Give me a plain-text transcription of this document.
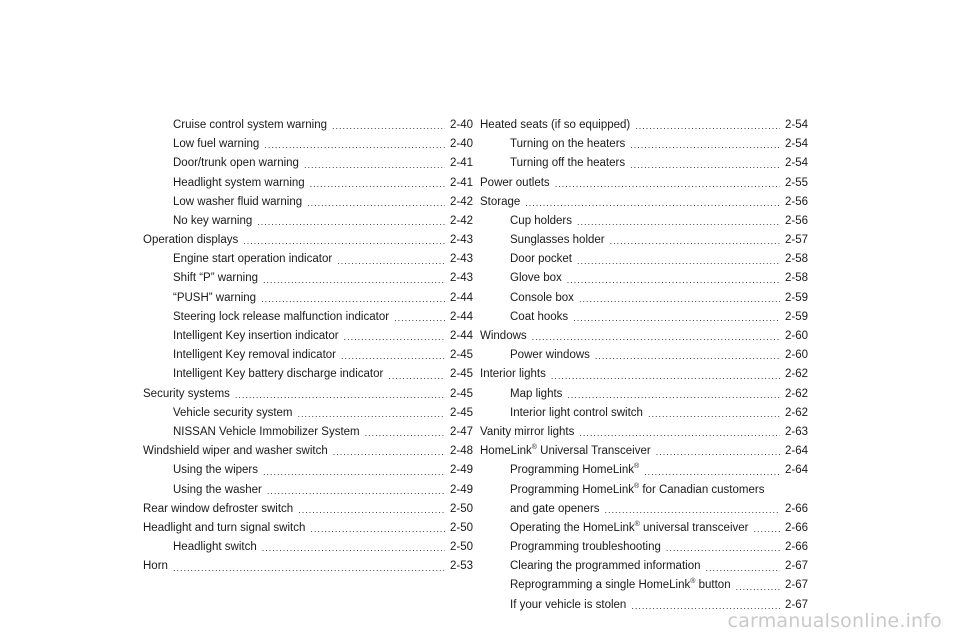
Cruise control system warning .....	2-40
Low fuel warning .....	2-40
Door/trunk open warning .....	2-41
Headlight system warning .....	2-41
Low washer fluid warning .....	2-42
No key warning .....	2-42
Operation displays .....	2-43
Engine start operation indicator .....	2-43
Shift “P” warning .....	2-43
“PUSH” warning .....	2-44
Steering lock release malfunction indicator .....	2-44
Intelligent Key insertion indicator .....	2-44
Intelligent Key removal indicator .....	2-45
Intelligent Key battery discharge indicator .....	2-45
Security systems .....	2-45
Vehicle security system .....	2-45
NISSAN Vehicle Immobilizer System .....	2-47
Windshield wiper and washer switch .....	2-48
Using the wipers .....	2-49
Using the washer .....	2-49
Rear window defroster switch .....	2-50
Headlight and turn signal switch .....	2-50
Headlight switch .....	2-50
Horn .....	2-53
Heated seats (if so equipped) .....	2-54
Turning on the heaters .....	2-54
Turning off the heaters .....	2-54
Power outlets .....	2-55
Storage .....	2-56
Cup holders .....	2-56
Sunglasses holder .....	2-57
Door pocket .....	2-58
Glove box .....	2-58
Console box .....	2-59
Coat hooks .....	2-59
Windows .....	2-60
Power windows .....	2-60
Interior lights .....	2-62
Map lights .....	2-62
Interior light control switch .....	2-62
Vanity mirror lights .....	2-63
HomeLink® Universal Transceiver .....	2-64
Programming HomeLink® .....	2-64
Programming HomeLink® for Canadian customers
and gate openers .....	2-66
Operating the HomeLink® universal transceiver .....	2-66
Programming troubleshooting .....	2-66
Clearing the programmed information .....	2-67
Reprogramming a single HomeLink® button .....	2-67
If your vehicle is stolen .....	2-67
carmanualsonline.info
